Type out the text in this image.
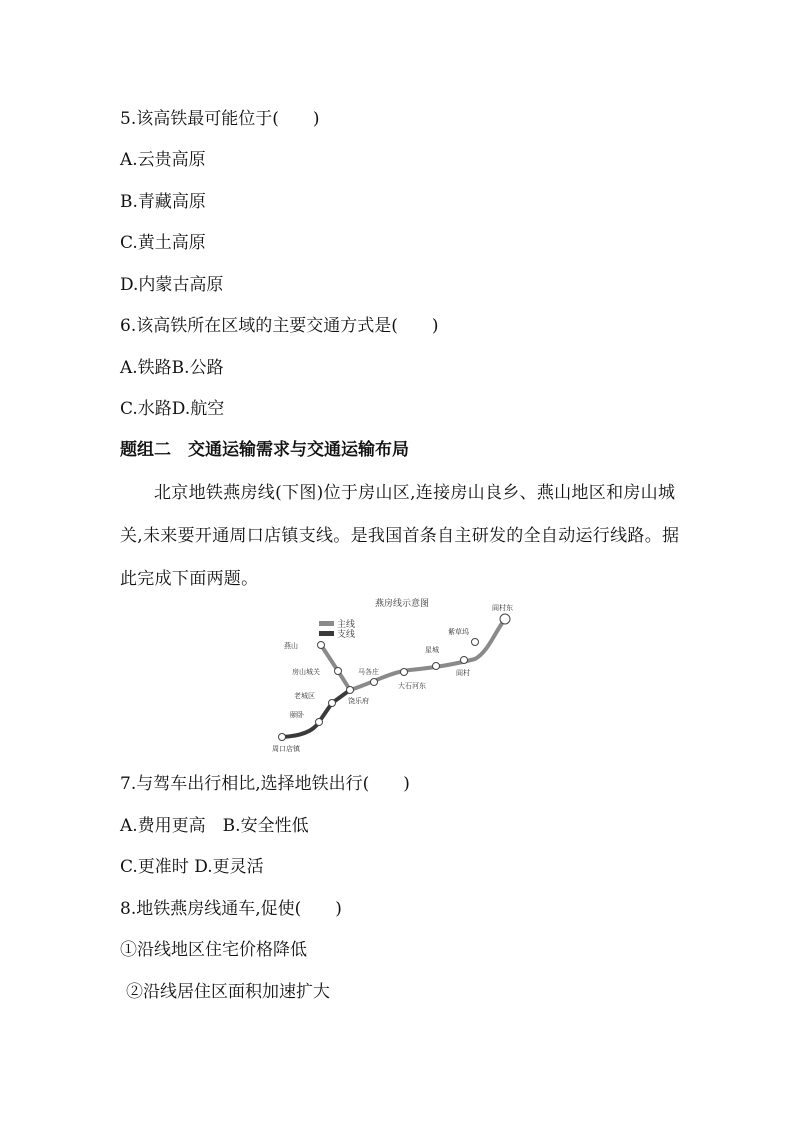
5.该高铁最可能位于(　　)
A.云贵高原
B.青藏高原
C.黄土高原
D.内蒙古高原
6.该高铁所在区域的主要交通方式是(　　)
A.铁路B.公路
C.水路D.航空
题组二　交通运输需求与交通运输布局
北京地铁燕房线(下图)位于房山区,连接房山良乡、燕山地区和房山城关,未来要开通周口店镇支线。是我国首条自主研发的全自动运行线路。据此完成下面两题。
燕房线示意图
主线
支线
燕山
房山城关
老城区
颐卧
周口店镇
饶乐府
马各庄
大石河东
星城
阎村
紫草坞
阎村东
7.与驾车出行相比,选择地铁出行(　　)
A.费用更高　B.安全性低
C.更准时 D.更灵活
8.地铁燕房线通车,促使(　　)
①沿线地区住宅价格降低
②沿线居住区面积加速扩大
